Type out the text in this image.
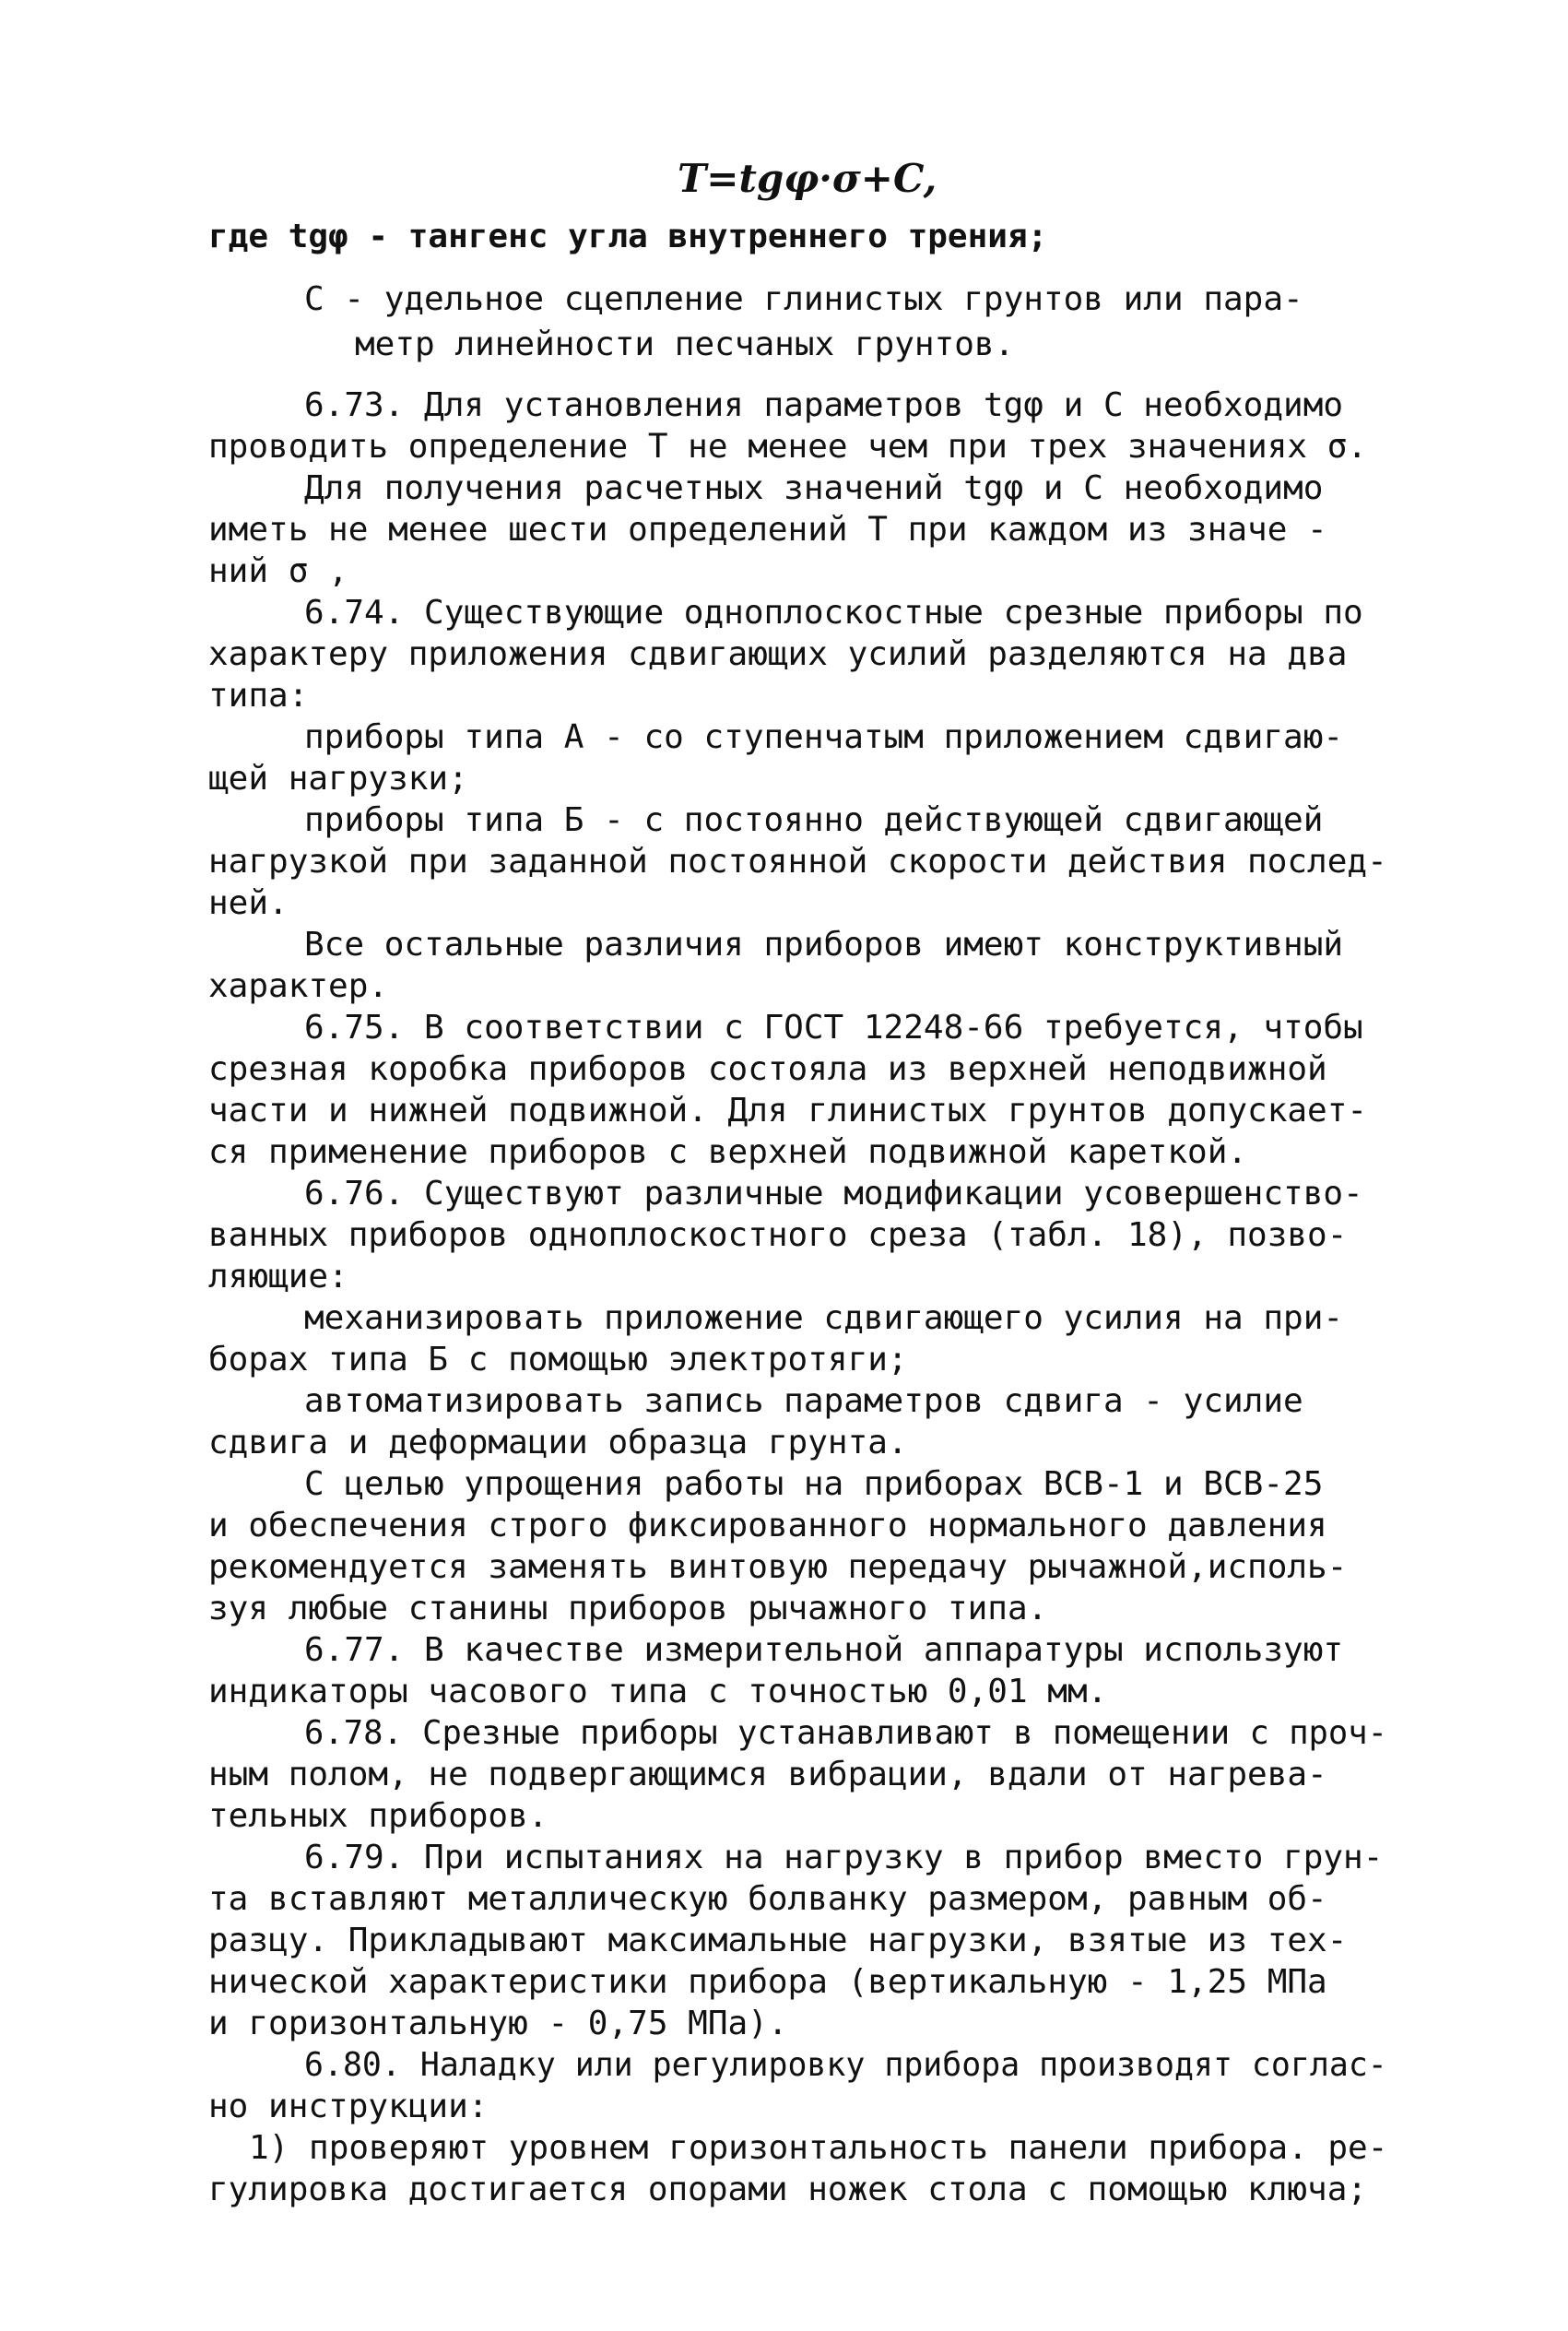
Τ=tgφ·σ+C,
где tgφ - тангенс угла внутреннего трения;
C - удельное сцепление глинистых грунтов или пара-
метр линейности песчаных грунтов.
6.73. Для установления параметров tgφ и C необходимо
проводить определение Τ не менее чем при трех значениях σ.
Для получения расчетных значений tgφ и C необходимо
иметь не менее шести определений Τ при каждом из значе -
ний σ ,
6.74. Существующие одноплоскостные срезные приборы по
характеру приложения сдвигающих усилий разделяются на два
типа:
приборы типа А - со ступенчатым приложением сдвигаю-
щей нагрузки;
приборы типа Б - с постоянно действующей сдвигающей
нагрузкой при заданной постоянной скорости действия послед-
ней.
Все остальные различия приборов имеют конструктивный
характер.
6.75. В соответствии с ГОСТ 12248-66 требуется, чтобы
срезная коробка приборов состояла из верхней неподвижной
части и нижней подвижной. Для глинистых грунтов допускает-
ся применение приборов с верхней подвижной кареткой.
6.76. Существуют различные модификации усовершенство-
ванных приборов одноплоскостного среза (табл. 18), позво-
ляющие:
механизировать приложение сдвигающего усилия на при-
борах типа Б с помощью электротяги;
автоматизировать запись параметров сдвига - усилие
сдвига и деформации образца грунта.
С целью упрощения работы на приборах ВСВ-1 и ВСВ-25
и обеспечения строго фиксированного нормального давления
рекомендуется заменять винтовую передачу рычажной,исполь-
зуя любые станины приборов рычажного типа.
6.77. В качестве измерительной аппаратуры используют
индикаторы часового типа с точностью 0,01 мм.
6.78. Срезные приборы устанавливают в помещении с проч-
ным полом, не подвергающимся вибрации, вдали от нагрева-
тельных приборов.
6.79. При испытаниях на нагрузку в прибор вместо грун-
та вставляют металлическую болванку размером, равным об-
разцу. Прикладывают максимальные нагрузки, взятые из тех-
нической характеристики прибора (вертикальную - 1,25 МПа
и горизонтальную - 0,75 МПа).
6.80. Наладку или регулировку прибора производят соглас-
но инструкции:
1) проверяют уровнем горизонтальность панели прибора. ре-
гулировка достигается опорами ножек стола с помощью ключа;
